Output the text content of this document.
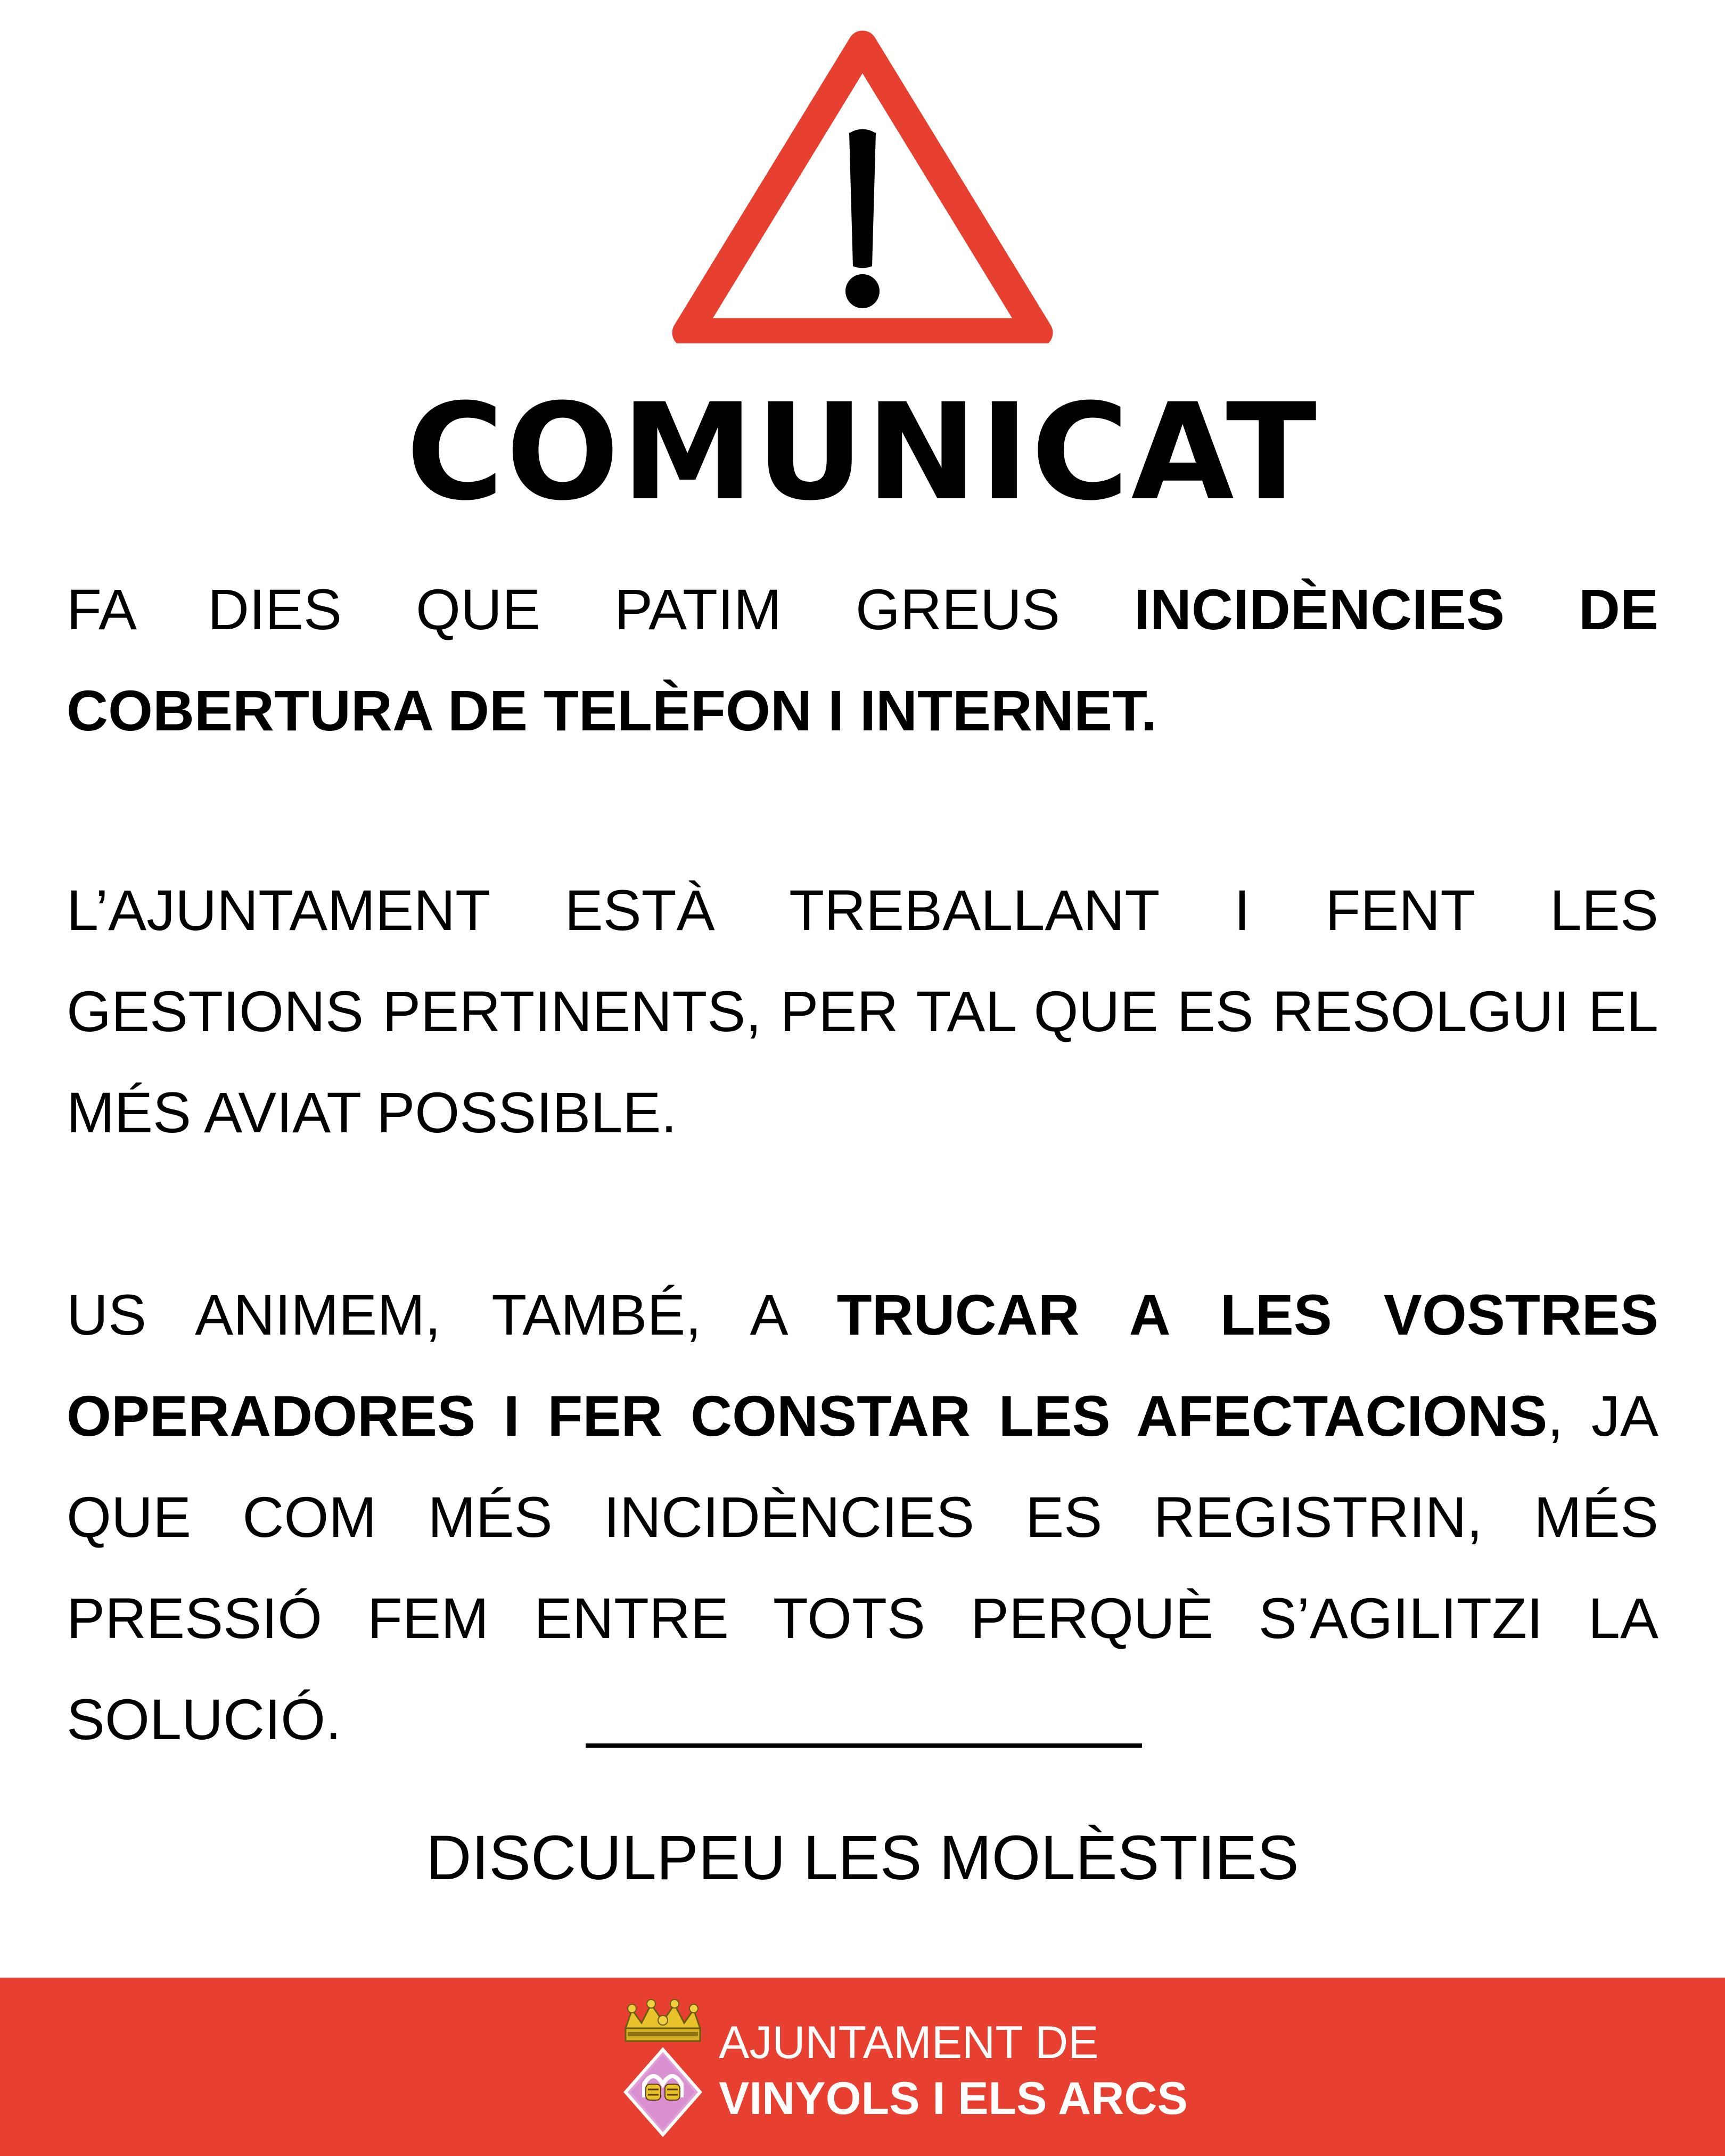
COMUNICAT

FA DIES QUE PATIM GREUS INCIDÈNCIES DE COBERTURA DE TELÈFON I INTERNET.

L’AJUNTAMENT ESTÀ TREBALLANT I FENT LES GESTIONS PERTINENTS, PER TAL QUE ES RESOLGUI EL MÉS AVIAT POSSIBLE.

US ANIMEM, TAMBÉ, A TRUCAR A LES VOSTRES OPERADORES I FER CONSTAR LES AFECTACIONS, JA QUE COM MÉS INCIDÈNCIES ES REGISTRIN, MÉS PRESSIÓ FEM ENTRE TOTS PERQUÈ S’AGILITZI LA SOLUCIÓ.

DISCULPEU LES MOLÈSTIES

AJUNTAMENT DE
VINYOLS I ELS ARCS
